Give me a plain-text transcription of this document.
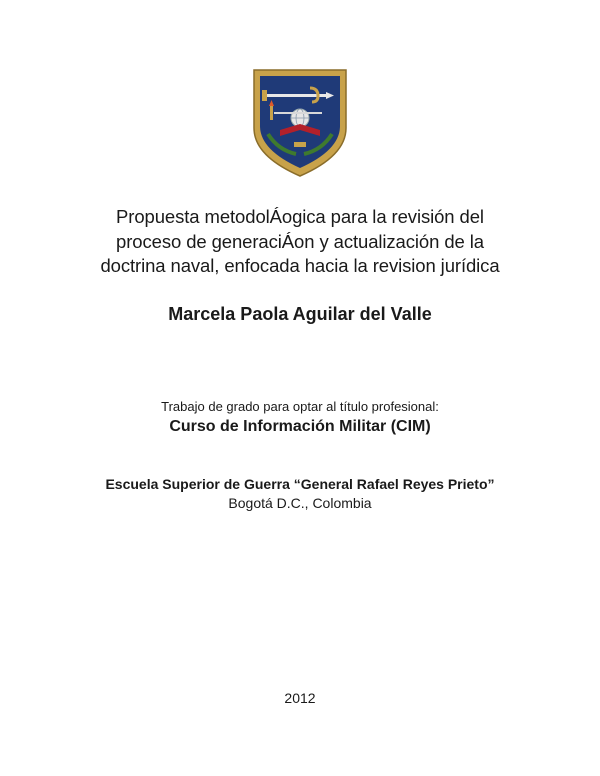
Propuesta metodolÁogica para la revisión del
proceso de generaciÁon y actualización de la
doctrina naval, enfocada hacia la revision jurídica
Marcela Paola Aguilar del Valle
Trabajo de grado para optar al título profesional:
Curso de Información Militar (CIM)
Escuela Superior de Guerra “General Rafael Reyes Prieto”
Bogotá D.C., Colombia
2012
